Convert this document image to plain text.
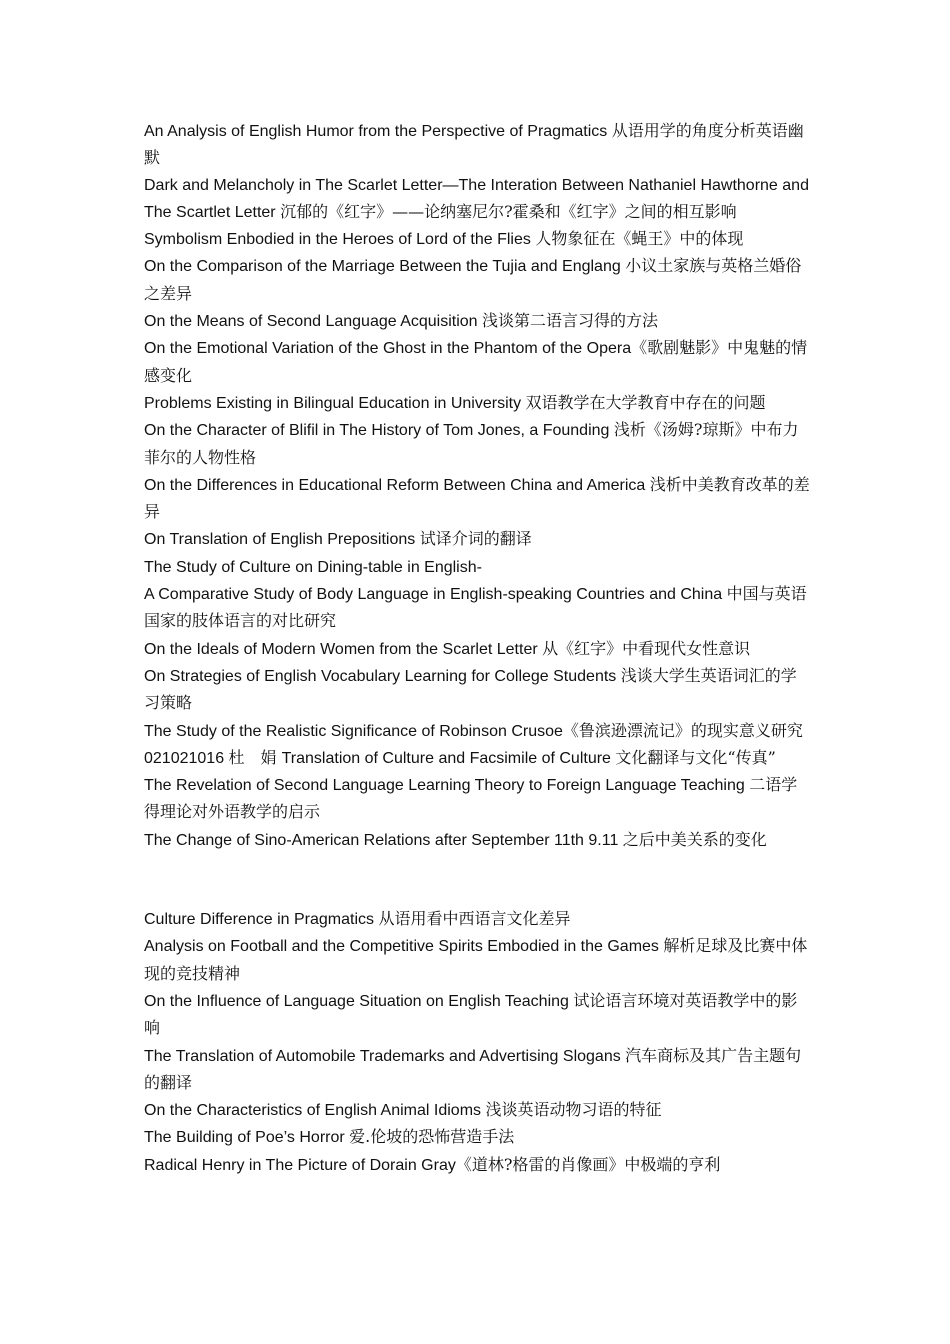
An Analysis of English Humor from the Perspective of Pragmatics 从语用学的角度分析英语幽默

Dark and Melancholy in The Scarlet Letter—The Interation Between Nathaniel Hawthorne and The Scartlet Letter 沉郁的《红字》——论纳塞尼尔?霍桑和《红字》之间的相互影响

Symbolism Enbodied in the Heroes of Lord of the Flies 人物象征在《蝇王》中的体现

On the Comparison of the Marriage Between the Tujia and Englang 小议土家族与英格兰婚俗之差异

On the Means of Second Language Acquisition 浅谈第二语言习得的方法

On the Emotional Variation of the Ghost in the Phantom of the Opera《歌剧魅影》中鬼魅的情感变化

Problems Existing in Bilingual Education in University 双语教学在大学教育中存在的问题

On the Character of Blifil in The History of Tom Jones, a Founding 浅析《汤姆?琼斯》中布力菲尔的人物性格

On the Differences in Educational Reform Between China and America 浅析中美教育改革的差异

On Translation of English Prepositions 试译介词的翻译

The Study of Culture on Dining-table in English-

A Comparative Study of Body Language in English-speaking Countries and China 中国与英语国家的肢体语言的对比研究

On the Ideals of Modern Women from the Scarlet Letter 从《红字》中看现代女性意识

On Strategies of English Vocabulary Learning for College Students 浅谈大学生英语词汇的学习策略

The Study of the Realistic Significance of Robinson Crusoe《鲁滨逊漂流记》的现实意义研究

021021016 杜　娟 Translation of Culture and Facsimile of Culture 文化翻译与文化“传真”

The Revelation of Second Language Learning Theory to Foreign Language Teaching 二语学得理论对外语教学的启示

The Change of Sino-American Relations after September 11th 9.11 之后中美关系的变化

Culture Difference in Pragmatics 从语用看中西语言文化差异

Analysis on Football and the Competitive Spirits Embodied in the Games 解析足球及比赛中体现的竞技精神

On the Influence of Language Situation on English Teaching 试论语言环境对英语教学中的影响

The Translation of Automobile Trademarks and Advertising Slogans 汽车商标及其广告主题句的翻译

On the Characteristics of English Animal Idioms 浅谈英语动物习语的特征

The Building of Poe’s Horror 爱.伦坡的恐怖营造手法

Radical Henry in The Picture of Dorain Gray《道林?格雷的肖像画》中极端的亨利
